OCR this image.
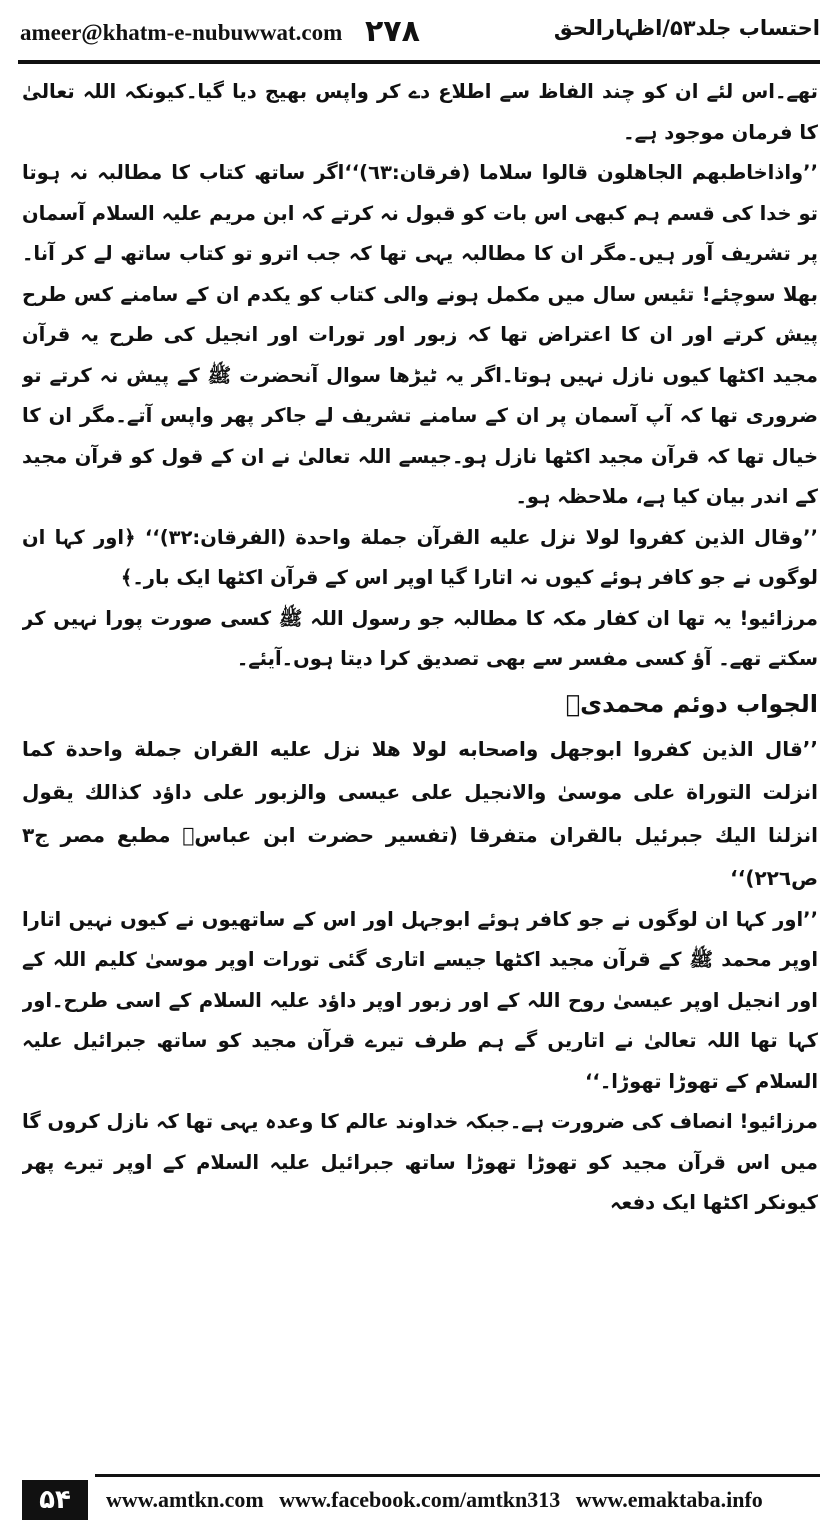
ameer@khatm-e-nubuwwat.com ۲۷۸	احتساب جلد۵۳/اظہارالحق

تھے۔اس لئے ان کو چند الفاظ سے اطلاع دے کر واپس بھیج دیا گیا۔کیونکہ اللہ تعالیٰ کا فرمان موجود ہے۔

’’واذاخاطبهم الجاهلون قالوا سلاما (فرقان:٦٣)‘‘اگر ساتھ کتاب کا مطالبہ نہ ہوتا تو خدا کی قسم ہم کبھی اس بات کو قبول نہ کرتے کہ ابن مریم علیہ السلام آسمان پر تشریف آور ہیں۔مگر ان کا مطالبہ یہی تھا کہ جب اترو تو کتاب ساتھ لے کر آنا۔ بھلا سوچئے! تئیس سال میں مکمل ہونے والی کتاب کو یکدم ان کے سامنے کس طرح پیش کرتے اور ان کا اعتراض تھا کہ زبور اور تورات اور انجیل کی طرح یہ قرآن مجید اکٹھا کیوں نازل نہیں ہوتا۔اگر یہ ٹیڑھا سوال آنحضرت ﷺ کے پیش نہ کرتے تو ضروری تھا کہ آپ آسمان پر ان کے سامنے تشریف لے جاکر پھر واپس آتے۔مگر ان کا خیال تھا کہ قرآن مجید اکٹھا نازل ہو۔جیسے اللہ تعالیٰ نے ان کے قول کو قرآن مجید کے اندر بیان کیا ہے، ملاحظہ ہو۔

’’وقال الذين كفروا لولا نزل عليه القرآن جملة واحدة (الفرقان:٣٢)‘‘ ﴿اور کہا ان لوگوں نے جو کافر ہوئے کیوں نہ اتارا گیا اوپر اس کے قرآن اکٹھا ایک بار۔﴾

مرزائیو! یہ تھا ان کفار مکہ کا مطالبہ جو رسول اللہ ﷺ کسی صورت پورا نہیں کر سکتے تھے۔ آؤ کسی مفسر سے بھی تصدیق کرا دیتا ہوں۔آیئے۔

الجواب دوئم محمدیؐ

’’قال الذين كفروا ابوجهل واصحابه لولا هلا نزل عليه القران جملة واحدة كما انزلت التوراة على موسىٰ والانجيل على عيسى والزبور على داؤد كذالك يقول انزلنا اليك جبرئيل بالقران متفرقا (تفسير حضرت ابن عباسؓ مطبع مصر ج٣ ص٢٢٦)‘‘

’’اور کہا ان لوگوں نے جو کافر ہوئے ابوجہل اور اس کے ساتھیوں نے کیوں نہیں اتارا اوپر محمد ﷺ کے قرآن مجید اکٹھا جیسے اتاری گئی تورات اوپر موسیٰ کلیم اللہ کے اور انجیل اوپر عیسیٰ روح اللہ کے اور زبور اوپر داؤد علیہ السلام کے اسی طرح۔اور کہا تھا اللہ تعالیٰ نے اتاریں گے ہم طرف تیرے قرآن مجید کو ساتھ جبرائیل علیہ السلام کے تھوڑا تھوڑا۔‘‘

مرزائیو! انصاف کی ضرورت ہے۔جبکہ خداوند عالم کا وعدہ یہی تھا کہ نازل کروں گا میں اس قرآن مجید کو تھوڑا تھوڑا ساتھ جبرائیل علیہ السلام کے اوپر تیرے پھر کیونکر اکٹھا ایک دفعہ

۵۴	www.amtkn.com www.facebook.com/amtkn313 www.emaktaba.info
